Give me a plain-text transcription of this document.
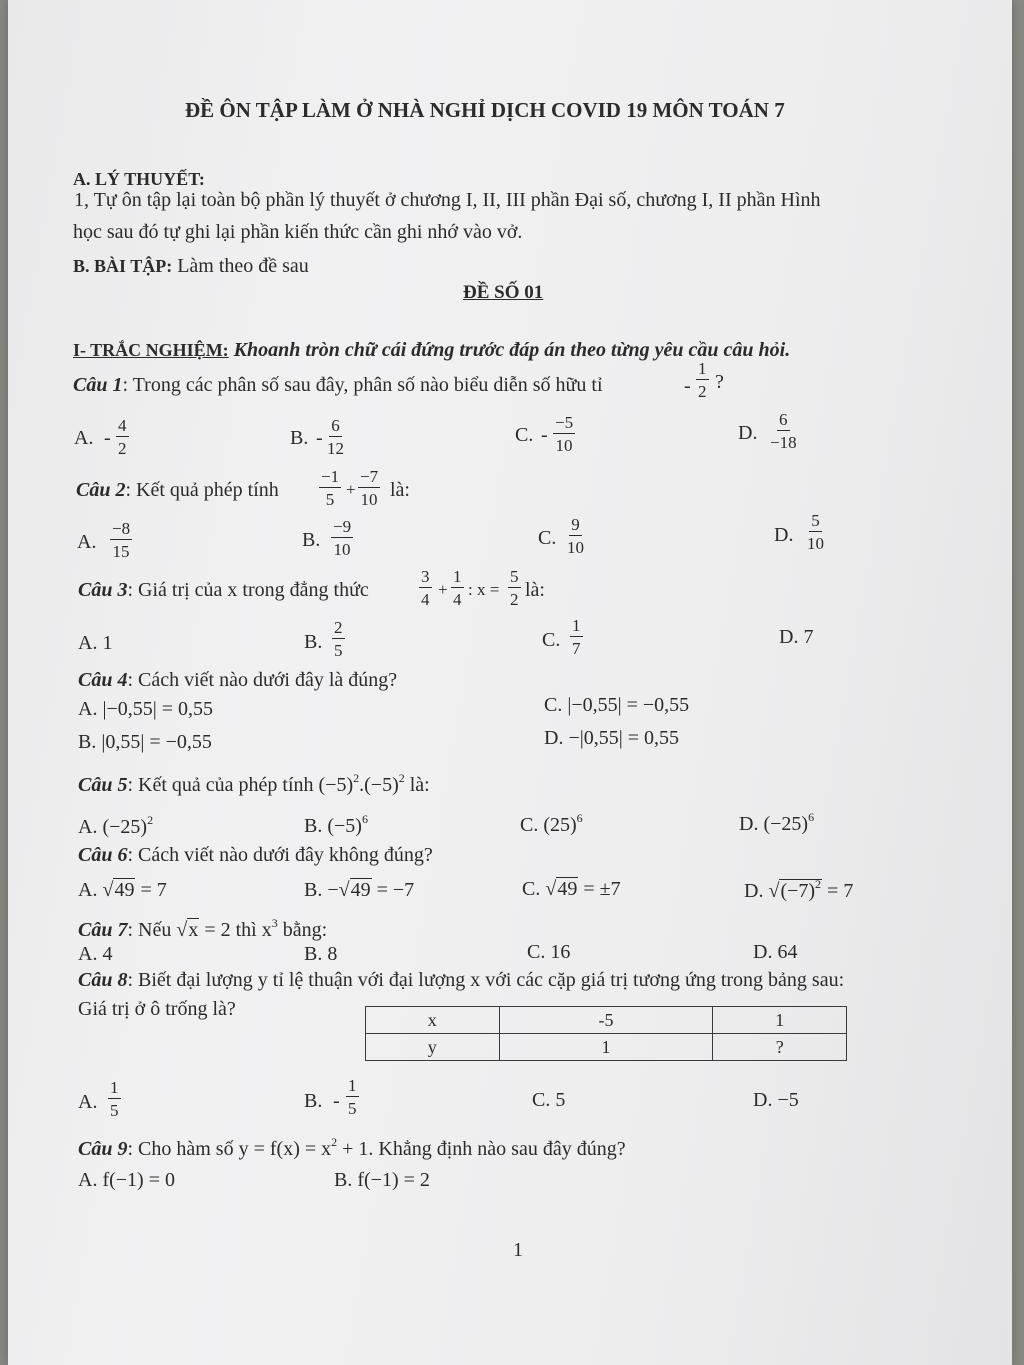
ĐỀ ÔN TẬP LÀM Ở NHÀ NGHỈ DỊCH COVID 19 MÔN TOÁN 7
A. LÝ THUYẾT:
1, Tự ôn tập lại toàn bộ phần lý thuyết ở chương I, II, III phần Đại số, chương I, II phần Hình
học sau đó tự ghi lại phần kiến thức cần ghi nhớ vào vở.
B. BÀI TẬP: Làm theo đề sau
ĐỀ SỐ 01
I- TRẮC NGHIỆM: Khoanh tròn chữ cái đứng trước đáp án theo từng yêu cầu câu hỏi.
Câu 1: Trong các phân số sau đây, phân số nào biểu diễn số hữu tỉ	- $\frac{1}{2}$ ?
A. - $\frac{4}{2}$	B. - $\frac{6}{12}$	C. - $\frac{-5}{10}$	D. $\frac{6}{-18}$
Câu 2: Kết quả phép tính $\frac{-1}{5} + \frac{-7}{10}$ là:
A. $\frac{-8}{15}$	B. $\frac{-9}{10}$	C. $\frac{9}{10}$	D. $\frac{5}{10}$
Câu 3: Giá trị của x trong đẳng thức	$\frac{3}{4} + \frac{1}{4}$ : $x = \frac{5}{2}$ là:
A. 1	B. $\frac{2}{5}$	C. $\frac{1}{7}$	D. 7
Câu 4: Cách viết nào dưới đây là đúng?
A. |−0,55| = 0,55
B. |0,55| = −0,55
C. |−0,55| = −0,55
D. −|0,55| = 0,55
Câu 5: Kết quả của phép tính $(-5)^2.(-5)^2$ là:
A. $(-25)^2$	B. $(-5)^6$	C. $(25)^6$	D. $(-25)^6$
Câu 6: Cách viết nào dưới đây không đúng?
A. √49 = 7	B. −√49 = −7	C. √49 = ±7	D. $√(-7)^2 = 7$
Câu 7: Nếu √x = 2 thì $x^3$ bằng:
A. 4	B. 8	C. 16	D. 64
Câu 8: Biết đại lượng y tỉ lệ thuận với đại lượng x với các cặp giá trị tương ứng trong bảng sau:
Giá trị ở ô trống là?	x	-5	1
y	1	?
A. $\frac{1}{5}$	B. - $\frac{1}{5}$	C. 5	D. −5
Câu 9: Cho hàm số $y = f(x) = x^2 + 1$. Khẳng định nào sau đây đúng?
A. f(−1) = 0	B. f(−1) = 2
1
